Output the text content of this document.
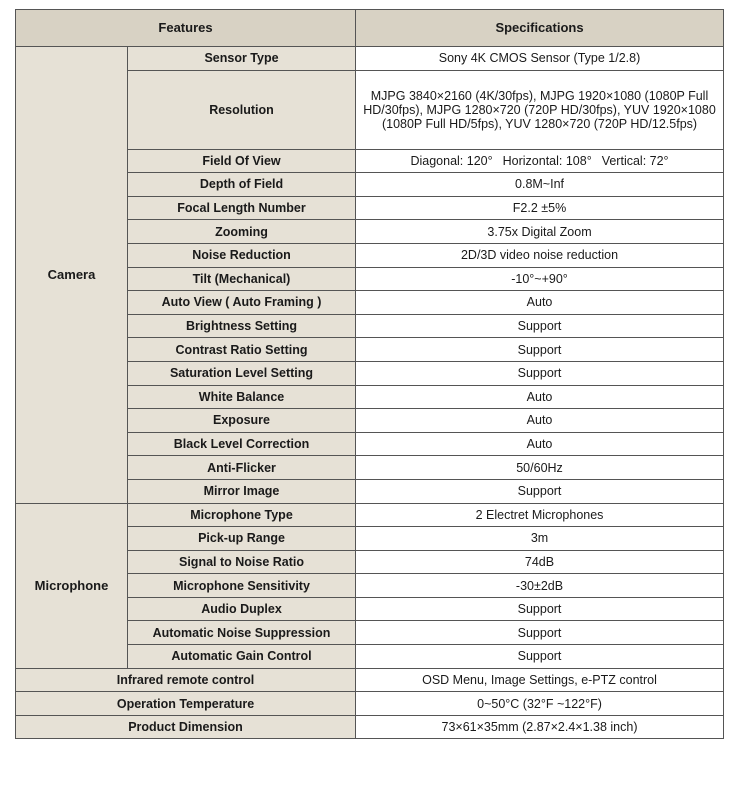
Features		Specifications
Camera	Sensor Type	Sony 4K CMOS Sensor (Type 1/2.8)
	Resolution	MJPG 3840×2160 (4K/30fps), MJPG 1920×1080 (1080P Full HD/30fps), MJPG 1280×720 (720P HD/30fps), YUV 1920×1080 (1080P Full HD/5fps), YUV 1280×720 (720P HD/12.5fps)
	Field Of View	Diagonal: 120° Horizontal: 108° Vertical: 72°
	Depth of Field	0.8M~Inf
	Focal Length Number	F2.2 ±5%
	Zooming	3.75x Digital Zoom
	Noise Reduction	2D/3D video noise reduction
	Tilt (Mechanical)	-10°~+90°
	Auto View ( Auto Framing )	Auto
	Brightness Setting	Support
	Contrast Ratio Setting	Support
	Saturation Level Setting	Support
	White Balance	Auto
	Exposure	Auto
	Black Level Correction	Auto
	Anti-Flicker	50/60Hz
	Mirror Image	Support
Microphone	Microphone Type	2 Electret Microphones
	Pick-up Range	3m
	Signal to Noise Ratio	74dB
	Microphone Sensitivity	-30±2dB
	Audio Duplex	Support
	Automatic Noise Suppression	Support
	Automatic Gain Control	Support
Infrared remote control		OSD Menu, Image Settings, e-PTZ control
Operation Temperature		0~50°C (32°F ~122°F)
Product Dimension		73×61×35mm (2.87×2.4×1.38 inch)
